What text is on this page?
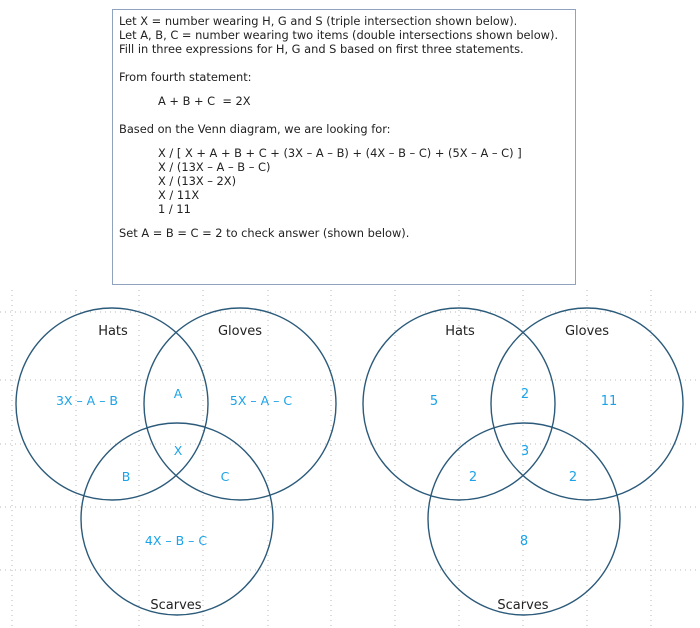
Let X = number wearing H, G and S (triple intersection shown below).
Let A, B, C = number wearing two items (double intersections shown below).
Fill in three expressions for H, G and S based on first three statements.
From fourth statement:
A + B + C  = 2X
Based on the Venn diagram, we are looking for:
X / [ X + A + B + C + (3X – A – B) + (4X – B – C) + (5X – A – C) ]
X / (13X – A – B – C)
X / (13X – 2X)
X / 11X
1 / 11
Set A = B = C = 2 to check answer (shown below).
Hats	Gloves
Scarves
3X – A – B	5X – A – C
4X – B – C
A
B	C
X
Hats	Gloves
Scarves
5	11
8
2
2	2
3
